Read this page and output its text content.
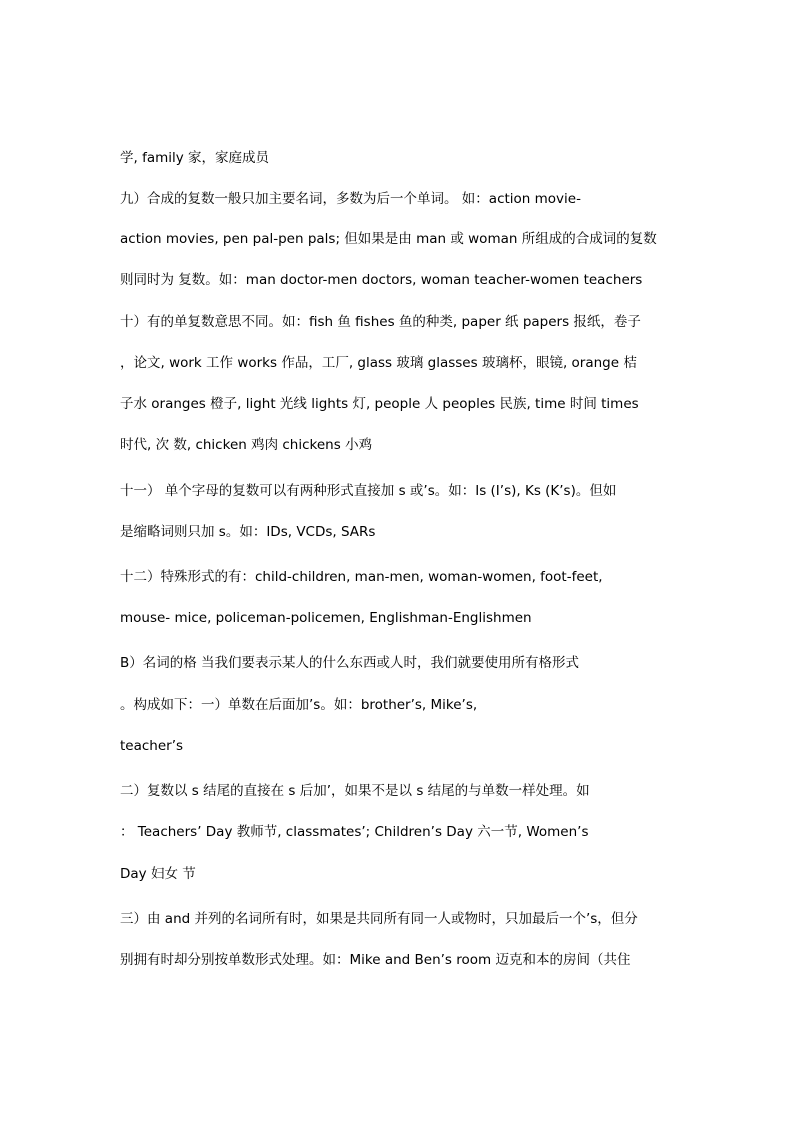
学, family 家，家庭成员
九）合成的复数一般只加主要名词，多数为后一个单词。 如：action movie-
action movies, pen pal-pen pals; 但如果是由 man 或 woman 所组成的合成词的复数
则同时为 复数。如：man doctor-men doctors, woman teacher-women teachers
十）有的单复数意思不同。如：fish 鱼 fishes 鱼的种类, paper 纸 papers 报纸，卷子
，论文, work 工作 works 作品，工厂, glass 玻璃 glasses 玻璃杯，眼镜, orange 桔
子水 oranges 橙子, light 光线 lights 灯, people 人 peoples 民族, time 时间 times
时代, 次 数, chicken 鸡肉 chickens 小鸡
十一） 单个字母的复数可以有两种形式直接加 s 或’s。如：Is (I’s), Ks (K’s)。但如
是缩略词则只加 s。如：IDs, VCDs, SARs
十二）特殊形式的有：child-children, man-men, woman-women, foot-feet,
mouse- mice, policeman-policemen, Englishman-Englishmen
B）名词的格 当我们要表示某人的什么东西或人时，我们就要使用所有格形式
。构成如下：一）单数在后面加’s。如：brother’s, Mike’s,
teacher’s
二）复数以 s 结尾的直接在 s 后加’，如果不是以 s 结尾的与单数一样处理。如
： Teachers’ Day 教师节, classmates’; Children’s Day 六一节, Women’s
Day 妇女 节
三）由 and 并列的名词所有时，如果是共同所有同一人或物时，只加最后一个’s，但分
别拥有时却分别按单数形式处理。如：Mike and Ben’s room 迈克和本的房间（共住
